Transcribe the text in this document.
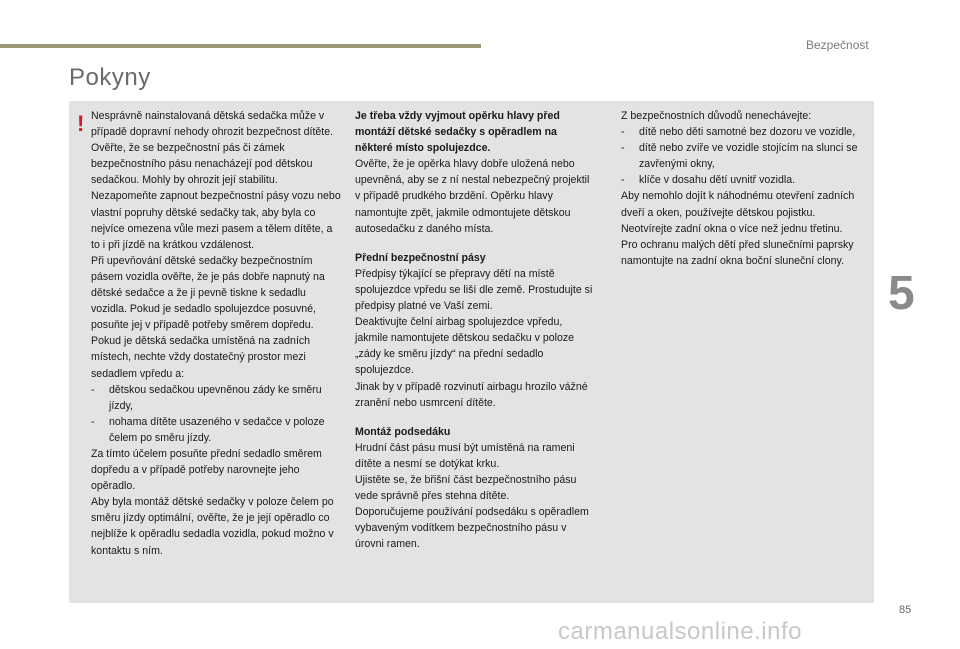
Bezpečnost
Pokyny
! Nesprávně nainstalovaná dětská sedačka může v případě dopravní nehody ohrozit bezpečnost dítěte.

Ověřte, že se bezpečnostní pás či zámek bezpečnostního pásu nenacházejí pod dětskou sedačkou. Mohly by ohrozit její stabilitu.

Nezapomeňte zapnout bezpečnostní pásy vozu nebo vlastní popruhy dětské sedačky tak, aby byla co nejvíce omezena vůle mezi pasem a tělem dítěte, a to i při jízdě na krátkou vzdálenost.

Při upevňování dětské sedačky bezpečnostním pásem vozidla ověřte, že je pás dobře napnutý na dětské sedačce a že ji pevně tiskne k sedadlu vozidla. Pokud je sedadlo spolujezdce posuvné, posuňte jej v případě potřeby směrem dopředu.

Pokud je dětská sedačka umístěná na zadních místech, nechte vždy dostatečný prostor mezi sedadlem vpředu a:

-	dětskou sedačkou upevněnou zády ke směru jízdy,
-	nohama dítěte usazeného v sedačce v poloze čelem po směru jízdy.

Za tímto účelem posuňte přední sedadlo směrem dopředu a v případě potřeby narovnejte jeho opěradlo.

Aby byla montáž dětské sedačky v poloze čelem po směru jízdy optimální, ověřte, že je její opěradlo co nejblíže k opěradlu sedadla vozidla, pokud možno v kontaktu s ním.

Je třeba vždy vyjmout opěrku hlavy před montáží dětské sedačky s opěradlem na některé místo spolujezdce.

Ověřte, že je opěrka hlavy dobře uložená nebo upevněná, aby se z ní nestal nebezpečný projektil v případě prudkého brzdění. Opěrku hlavy namontujte zpět, jakmile odmontujete dětskou autosedačku z daného místa.

Přední bezpečnostní pásy

Předpisy týkající se přepravy dětí na místě spolujezdce vpředu se liší dle země. Prostudujte si předpisy platné ve Vaší zemi.

Deaktivujte čelní airbag spolujezdce vpředu, jakmile namontujete dětskou sedačku v poloze „zády ke směru jízdy“ na přední sedadlo spolujezdce.

Jinak by v případě rozvinutí airbagu hrozilo vážné zranění nebo usmrcení dítěte.

Montáž podsedáku

Hrudní část pásu musí být umístěná na rameni dítěte a nesmí se dotýkat krku.

Ujistěte se, že břišní část bezpečnostního pásu vede správně přes stehna dítěte.

Doporučujeme používání podsedáku s opěradlem vybaveným vodítkem bezpečnostního pásu v úrovni ramen.

Z bezpečnostních důvodů nenechávejte:

-	dítě nebo děti samotné bez dozoru ve vozidle,
-	dítě nebo zvíře ve vozidle stojícím na slunci se zavřenými okny,
-	klíče v dosahu dětí uvnitř vozidla.

Aby nemohlo dojít k náhodnému otevření zadních dveří a oken, používejte dětskou pojistku.

Neotvírejte zadní okna o více než jednu třetinu.

Pro ochranu malých dětí před slunečními paprsky namontujte na zadní okna boční sluneční clony.

5
85
carmanualsonline.info
